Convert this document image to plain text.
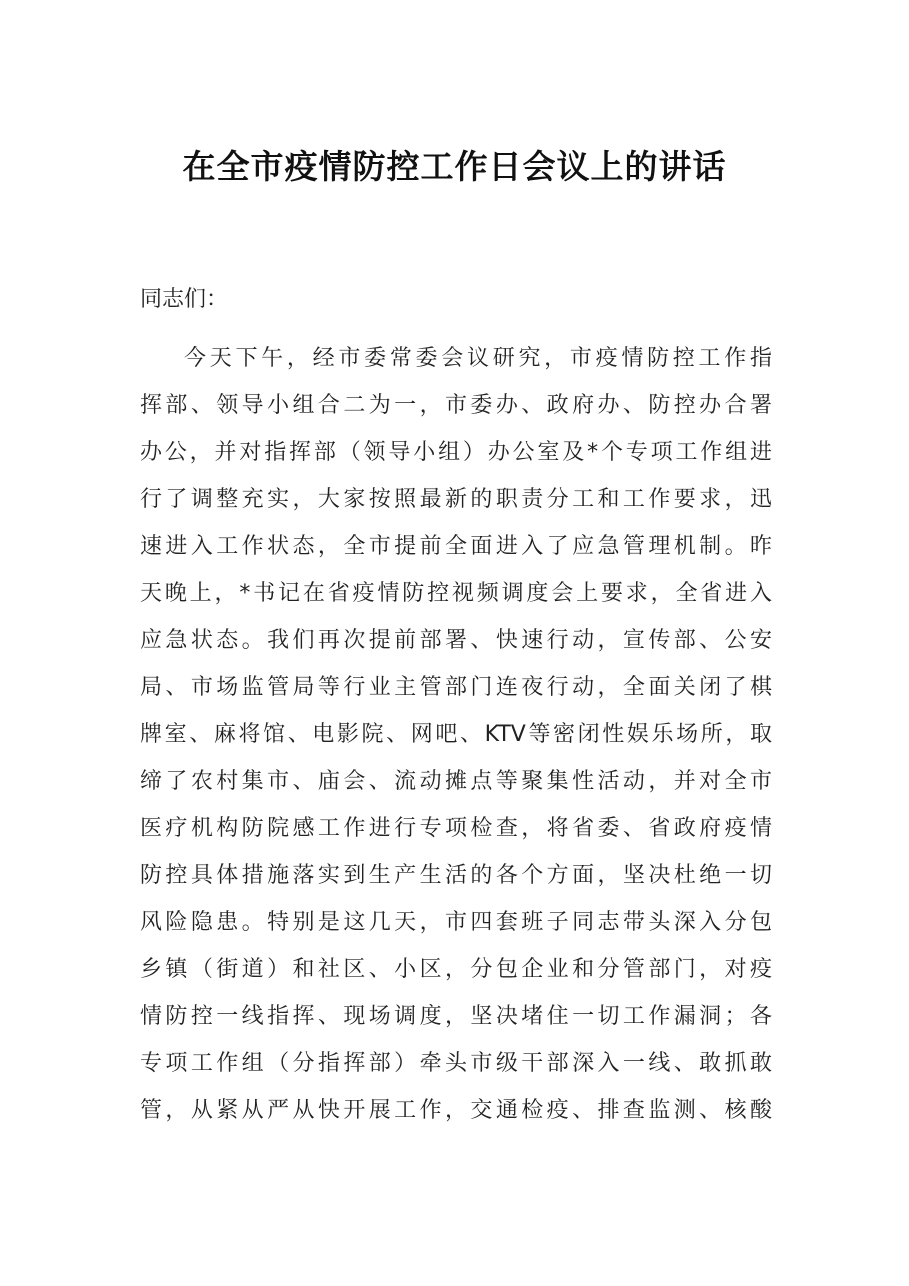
在全市疫情防控工作日会议上的讲话

同志们：

今天下午，经市委常委会议研究，市疫情防控工作指
挥部、领导小组合二为一，市委办、政府办、防控办合署
办公，并对指挥部（领导小组）办公室及*个专项工作组进
行了调整充实，大家按照最新的职责分工和工作要求，迅
速进入工作状态，全市提前全面进入了应急管理机制。昨
天晚上，*书记在省疫情防控视频调度会上要求，全省进入
应急状态。我们再次提前部署、快速行动，宣传部、公安
局、市场监管局等行业主管部门连夜行动，全面关闭了棋
牌室、麻将馆、电影院、网吧、KTV等密闭性娱乐场所，取
缔了农村集市、庙会、流动摊点等聚集性活动，并对全市
医疗机构防院感工作进行专项检查，将省委、省政府疫情
防控具体措施落实到生产生活的各个方面，坚决杜绝一切
风险隐患。特别是这几天，市四套班子同志带头深入分包
乡镇（街道）和社区、小区，分包企业和分管部门，对疫
情防控一线指挥、现场调度，坚决堵住一切工作漏洞；各
专项工作组（分指挥部）牵头市级干部深入一线、敢抓敢
管，从紧从严从快开展工作，交通检疫、排查监测、核酸
